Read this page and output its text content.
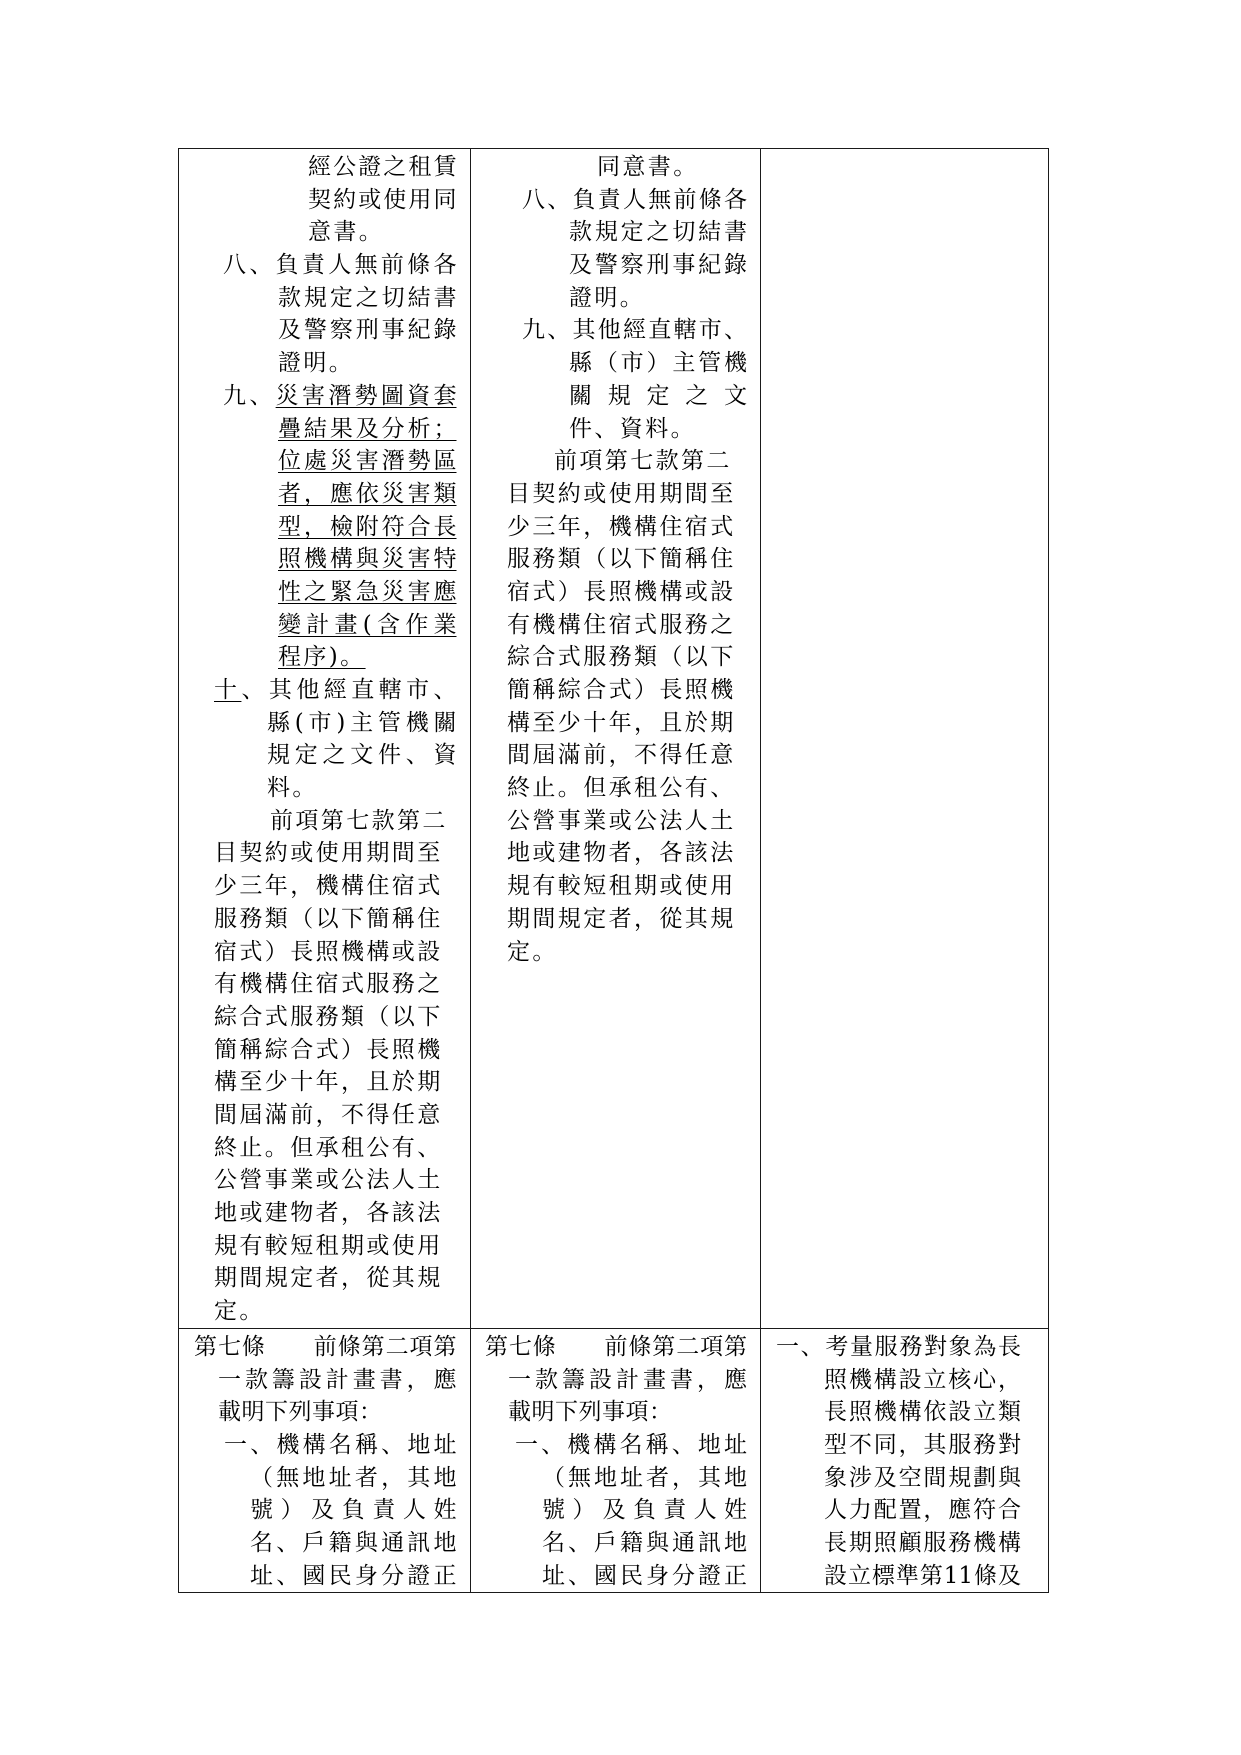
經公證之租賃
契約或使用同
意書。
八、負責人無前條各
款規定之切結書
及警察刑事紀錄
證明。
九、災害潛勢圖資套
疊結果及分析；
位處災害潛勢區
者，應依災害類
型，檢附符合長
照機構與災害特
性之緊急災害應
變計畫(含作業
程序)。
十、其他經直轄市、
縣(市)主管機關
規定之文件、資
料。
前項第七款第二
目契約或使用期間至
少三年，機構住宿式
服務類（以下簡稱住
宿式）長照機構或設
有機構住宿式服務之
綜合式服務類（以下
簡稱綜合式）長照機
構至少十年，且於期
間屆滿前，不得任意
終止。但承租公有、
公營事業或公法人土
地或建物者，各該法
規有較短租期或使用
期間規定者，從其規
定。
同意書。
八、負責人無前條各
款規定之切結書
及警察刑事紀錄
證明。
九、其他經直轄市、
縣（市）主管機
關規定之文
件、資料。
前項第七款第二
目契約或使用期間至
少三年，機構住宿式
服務類（以下簡稱住
宿式）長照機構或設
有機構住宿式服務之
綜合式服務類（以下
簡稱綜合式）長照機
構至少十年，且於期
間屆滿前，不得任意
終止。但承租公有、
公營事業或公法人土
地或建物者，各該法
規有較短租期或使用
期間規定者，從其規
定。
第七條　　前條第二項第
一款籌設計畫書，應
載明下列事項：
一、機構名稱、地址
（無地址者，其地
號）及負責人姓
名、戶籍與通訊地
址、國民身分證正
第七條　　前條第二項第
一款籌設計畫書，應
載明下列事項：
一、機構名稱、地址
（無地址者，其地
號）及負責人姓
名、戶籍與通訊地
址、國民身分證正
一、考量服務對象為長
照機構設立核心，
長照機構依設立類
型不同，其服務對
象涉及空間規劃與
人力配置，應符合
長期照顧服務機構
設立標準第11條及
